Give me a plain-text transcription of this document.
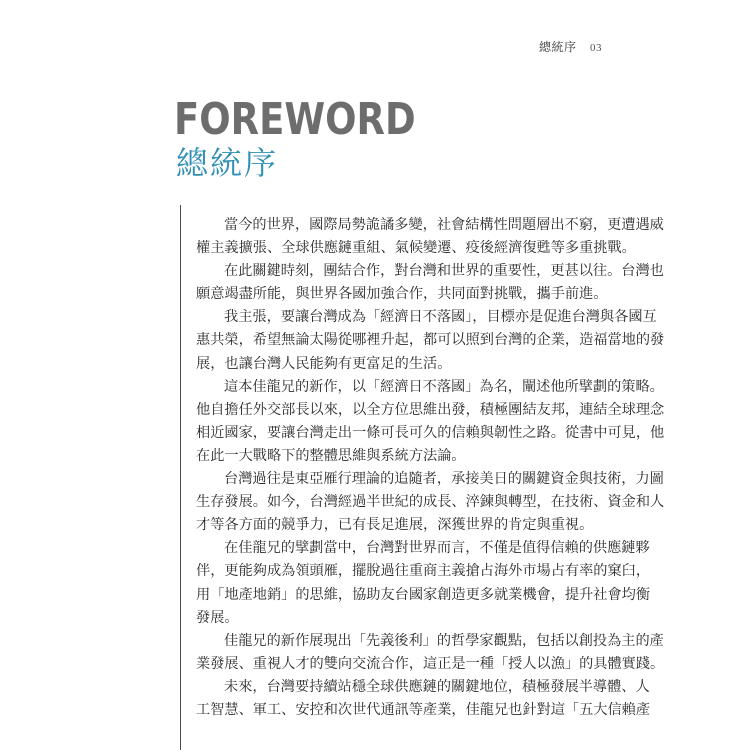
總統序 03
FOREWORD
總統序
當今的世界，國際局勢詭譎多變，社會結構性問題層出不窮，更遭遇威
權主義擴張、全球供應鏈重組、氣候變遷、疫後經濟復甦等多重挑戰。
在此關鍵時刻，團結合作，對台灣和世界的重要性，更甚以往。台灣也
願意竭盡所能，與世界各國加強合作，共同面對挑戰，攜手前進。
我主張，要讓台灣成為「經濟日不落國」，目標亦是促進台灣與各國互
惠共榮，希望無論太陽從哪裡升起，都可以照到台灣的企業，造福當地的發
展，也讓台灣人民能夠有更富足的生活。
這本佳龍兄的新作，以「經濟日不落國」為名，闡述他所擘劃的策略。
他自擔任外交部長以來，以全方位思維出發，積極團結友邦，連結全球理念
相近國家，要讓台灣走出一條可長可久的信賴與韌性之路。從書中可見，他
在此一大戰略下的整體思維與系統方法論。
台灣過往是東亞雁行理論的追隨者，承接美日的關鍵資金與技術，力圖
生存發展。如今，台灣經過半世紀的成長、淬鍊與轉型，在技術、資金和人
才等各方面的競爭力，已有長足進展，深獲世界的肯定與重視。
在佳龍兄的擘劃當中，台灣對世界而言，不僅是值得信賴的供應鏈夥
伴，更能夠成為領頭雁，擺脫過往重商主義搶占海外市場占有率的窠臼，
用「地產地銷」的思維，協助友台國家創造更多就業機會，提升社會均衡
發展。
佳龍兄的新作展現出「先義後利」的哲學家觀點，包括以創投為主的產
業發展、重視人才的雙向交流合作，這正是一種「授人以漁」的具體實踐。
未來，台灣要持續站穩全球供應鏈的關鍵地位，積極發展半導體、人
工智慧、軍工、安控和次世代通訊等產業，佳龍兄也針對這「五大信賴產
